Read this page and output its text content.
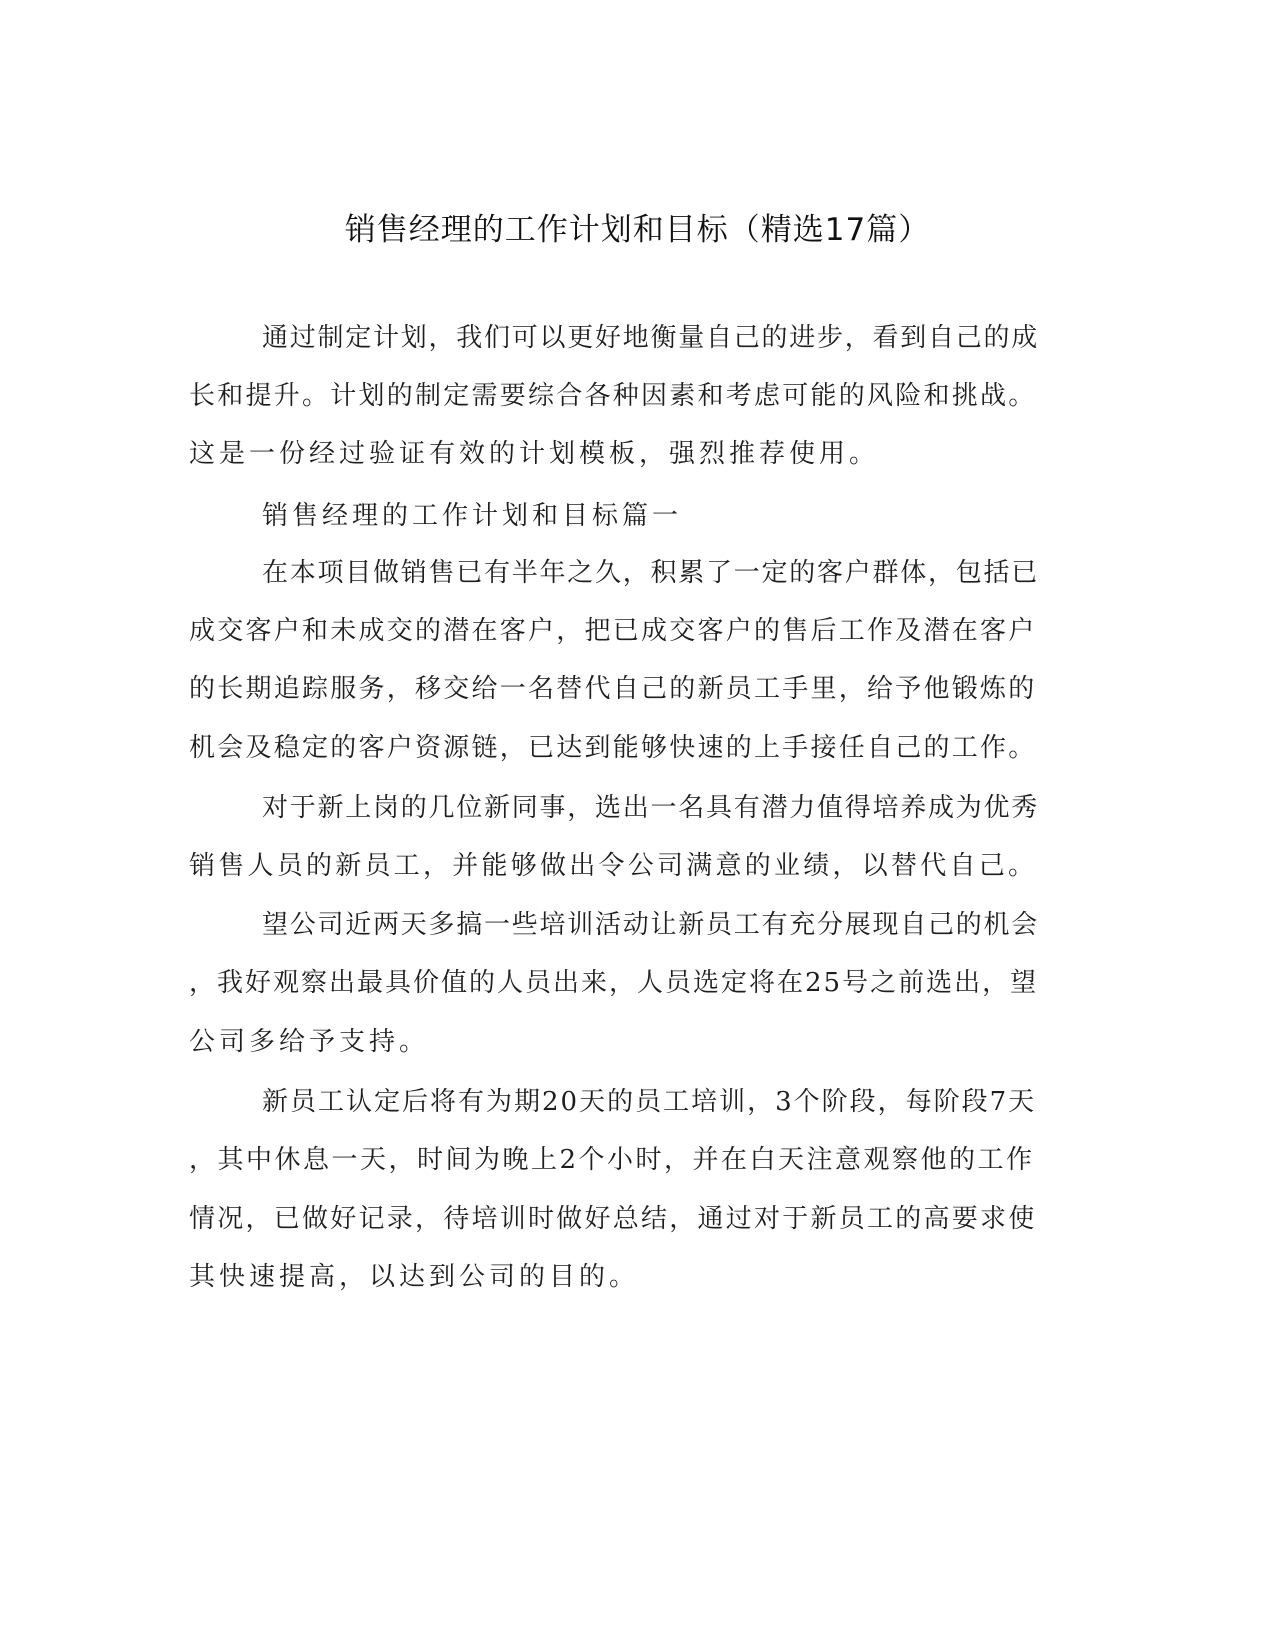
销售经理的工作计划和目标（精选17篇）
通过制定计划，我们可以更好地衡量自己的进步，看到自己的成
长和提升。计划的制定需要综合各种因素和考虑可能的风险和挑战。
这是一份经过验证有效的计划模板，强烈推荐使用。
销售经理的工作计划和目标篇一
在本项目做销售已有半年之久，积累了一定的客户群体，包括已
成交客户和未成交的潜在客户，把已成交客户的售后工作及潜在客户
的长期追踪服务，移交给一名替代自己的新员工手里，给予他锻炼的
机会及稳定的客户资源链，已达到能够快速的上手接任自己的工作。
对于新上岗的几位新同事，选出一名具有潜力值得培养成为优秀
销售人员的新员工，并能够做出令公司满意的业绩，以替代自己。
望公司近两天多搞一些培训活动让新员工有充分展现自己的机会
，我好观察出最具价值的人员出来，人员选定将在25号之前选出，望
公司多给予支持。
新员工认定后将有为期20天的员工培训，3个阶段，每阶段7天
，其中休息一天，时间为晚上2个小时，并在白天注意观察他的工作
情况，已做好记录，待培训时做好总结，通过对于新员工的高要求使
其快速提高，以达到公司的目的。
